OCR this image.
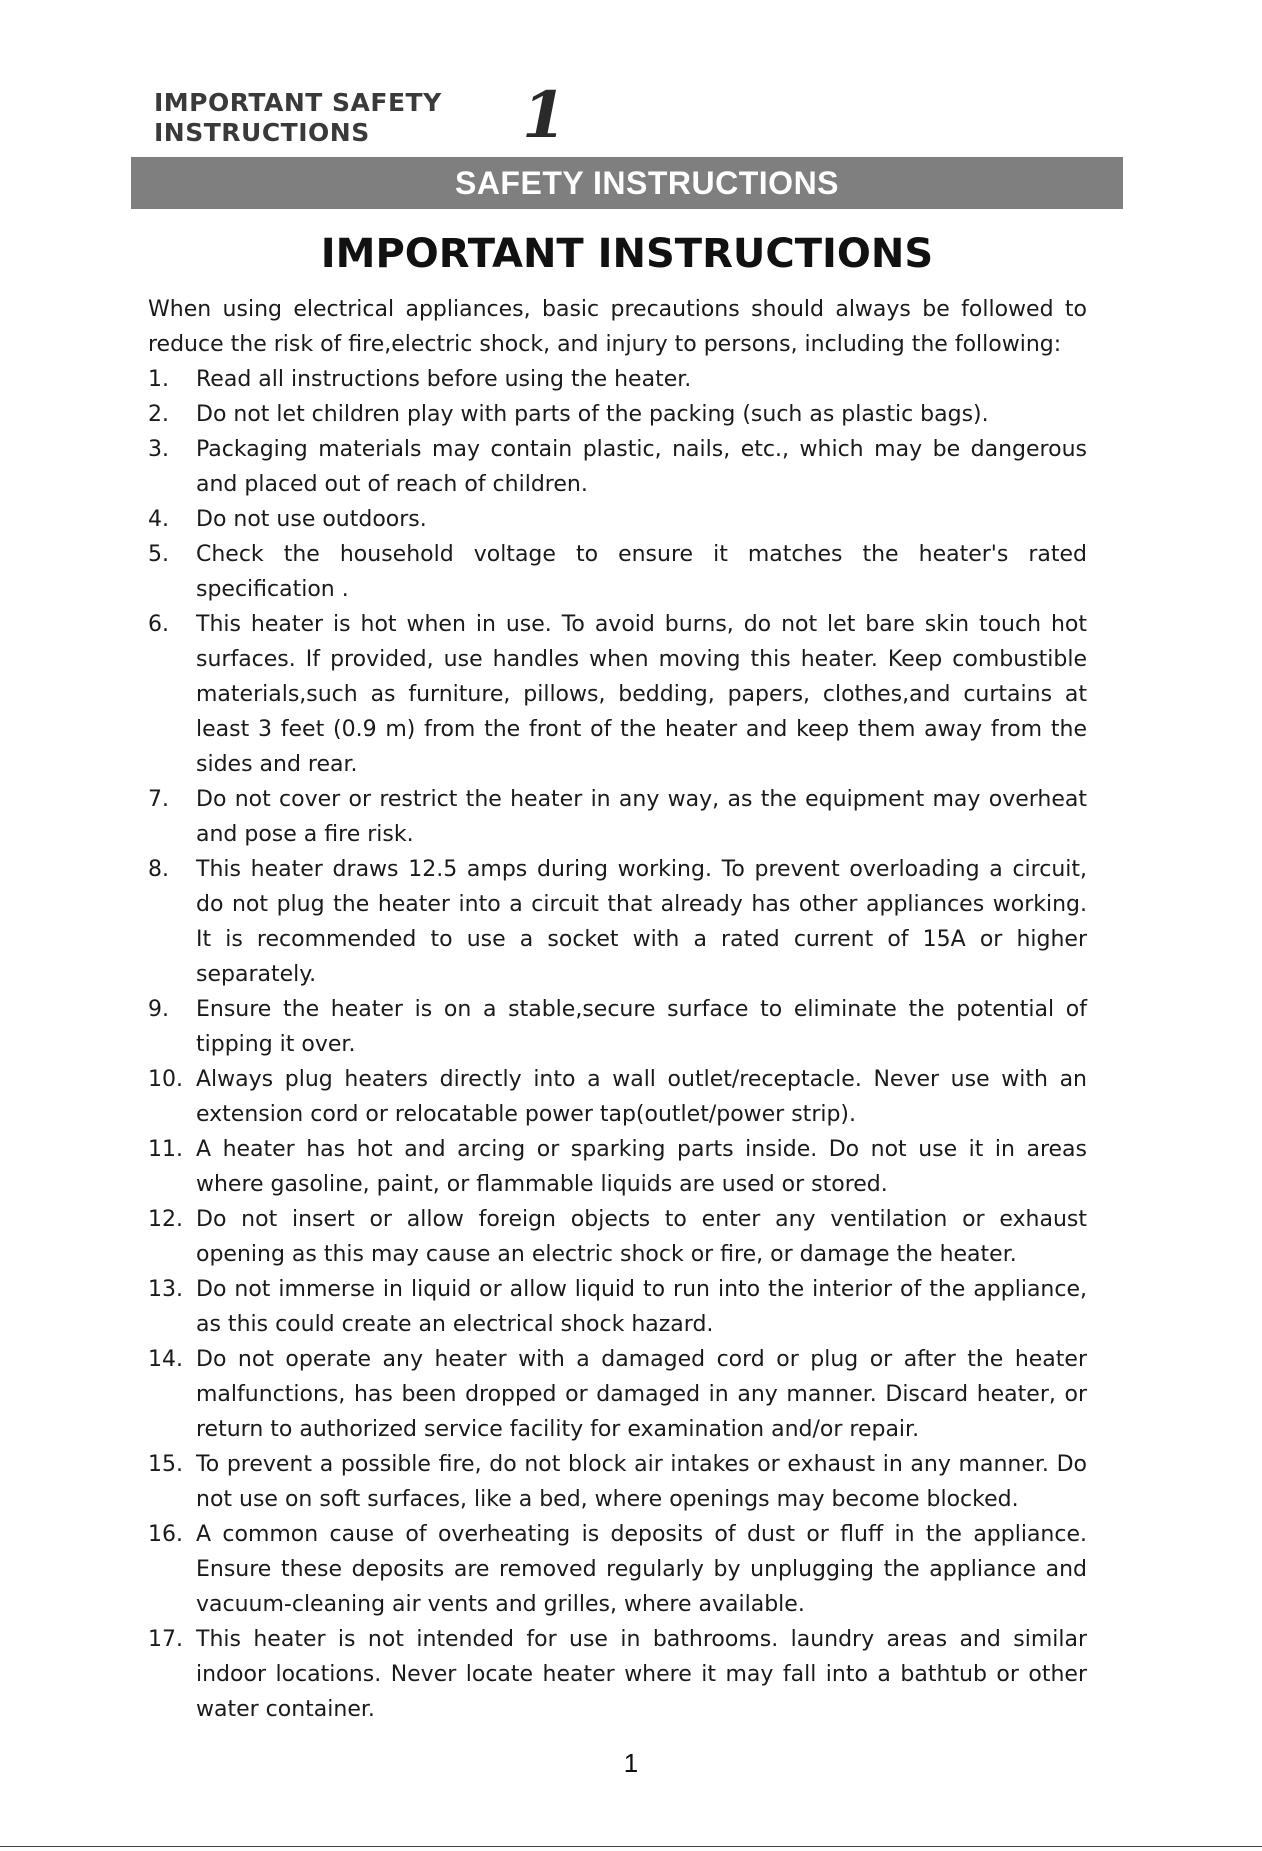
IMPORTANT SAFETY
INSTRUCTIONS	1
SAFETY INSTRUCTIONS
IMPORTANT INSTRUCTIONS

When using electrical appliances, basic precautions should always be followed to reduce the risk of fire,electric shock, and injury to persons, including the following:

1.	Read all instructions before using the heater.
2.	Do not let children play with parts of the packing (such as plastic bags).
3.	Packaging materials may contain plastic, nails, etc., which may be dangerous and placed out of reach of children.
4.	Do not use outdoors.
5.	Check the household voltage to ensure it matches the heater's rated specification .
6.	This heater is hot when in use. To avoid burns, do not let bare skin touch hot surfaces. If provided, use handles when moving this heater. Keep combustible materials,such as furniture, pillows, bedding, papers, clothes,and curtains at least 3 feet (0.9 m) from the front of the heater and keep them away from the sides and rear.
7.	Do not cover or restrict the heater in any way, as the equipment may overheat and pose a fire risk.
8.	This heater draws 12.5 amps during working. To prevent overloading a circuit, do not plug the heater into a circuit that already has other appliances working. It is recommended to use a socket with a rated current of 15A or higher separately.
9.	Ensure the heater is on a stable,secure surface to eliminate the potential of tipping it over.
10. Always plug heaters directly into a wall outlet/receptacle. Never use with an extension cord or relocatable power tap(outlet/power strip).
11. A heater has hot and arcing or sparking parts inside. Do not use it in areas where gasoline, paint, or flammable liquids are used or stored.
12. Do not insert or allow foreign objects to enter any ventilation or exhaust opening as this may cause an electric shock or fire, or damage the heater.
13. Do not immerse in liquid or allow liquid to run into the interior of the appliance, as this could create an electrical shock hazard.
14. Do not operate any heater with a damaged cord or plug or after the heater malfunctions, has been dropped or damaged in any manner. Discard heater, or return to authorized service facility for examination and/or repair.
15. To prevent a possible fire, do not block air intakes or exhaust in any manner. Do not use on soft surfaces, like a bed, where openings may become blocked.
16. A common cause of overheating is deposits of dust or fluff in the appliance. Ensure these deposits are removed regularly by unplugging the appliance and vacuum-cleaning air vents and grilles, where available.
17. This heater is not intended for use in bathrooms. laundry areas and similar indoor locations. Never locate heater where it may fall into a bathtub or other water container.
1
